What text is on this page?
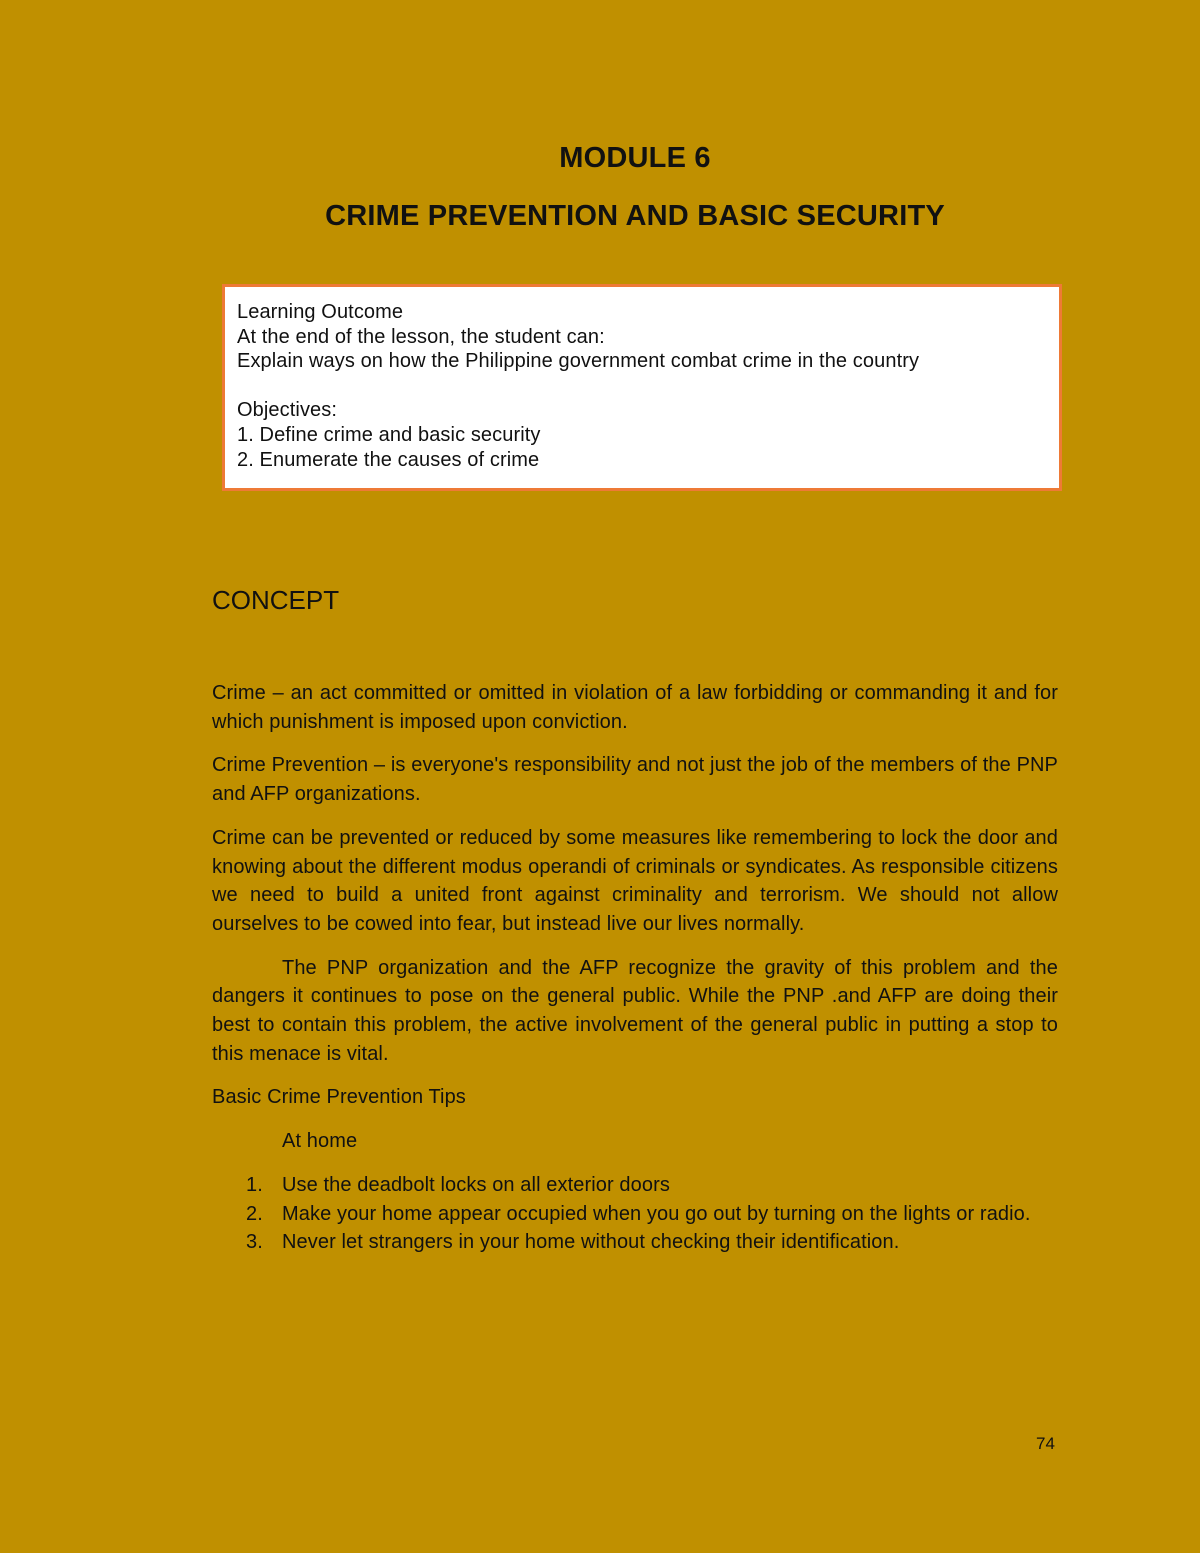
MODULE 6
CRIME PREVENTION AND BASIC SECURITY
Learning Outcome
At the end of the lesson, the student can:
Explain ways on how the Philippine government combat crime in the country
Objectives:
1. Define crime and basic security
2. Enumerate the causes of crime
CONCEPT

Crime – an act committed or omitted in violation of a law forbidding or commanding it and for which punishment is imposed upon conviction.

Crime Prevention – is everyone's responsibility and not just the job of the members of the PNP and AFP organizations.

Crime can be prevented or reduced by some measures like remembering to lock the door and knowing about the different modus operandi of criminals or syndicates. As responsible citizens we need to build a united front against criminality and terrorism. We should not allow ourselves to be cowed into fear, but instead live our lives normally.

The PNP organization and the AFP recognize the gravity of this problem and the dangers it continues to pose on the general public. While the PNP .and AFP are doing their best to contain this problem, the active involvement of the general public in putting a stop to this menace is vital.

Basic Crime Prevention Tips

At home

1. Use the deadbolt locks on all exterior doors
2. Make your home appear occupied when you go out by turning on the lights or radio.
3. Never let strangers in your home without checking their identification.
74
